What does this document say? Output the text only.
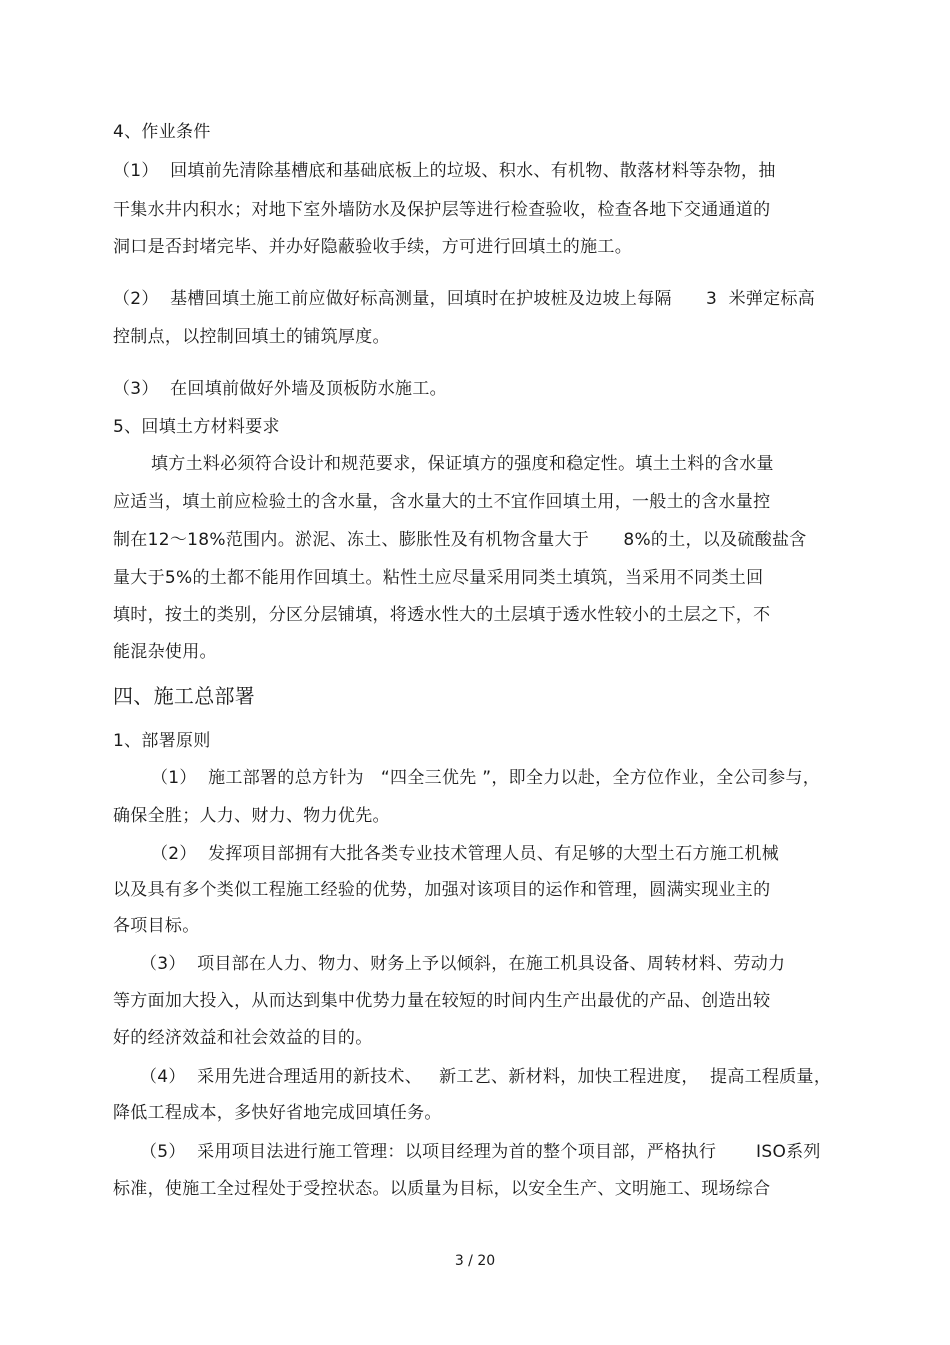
4、作业条件
（1）  回填前先清除基槽底和基础底板上的垃圾、积水、有机物、散落材料等杂物，抽
干集水井内积水；对地下室外墙防水及保护层等进行检查验收，检查各地下交通通道的
洞口是否封堵完毕、并办好隐蔽验收手续，方可进行回填土的施工。
（2）  基槽回填土施工前应做好标高测量，回填时在护坡桩及边坡上每隔      3  米弹定标高
控制点，以控制回填土的铺筑厚度。
（3）  在回填前做好外墙及顶板防水施工。
5、回填土方材料要求
填方土料必须符合设计和规范要求，保证填方的强度和稳定性。填土土料的含水量
应适当，填土前应检验土的含水量，含水量大的土不宜作回填土用，一般土的含水量控
制在12～18%范围内。淤泥、冻土、膨胀性及有机物含量大于      8%的土，以及硫酸盐含
量大于5%的土都不能用作回填土。粘性土应尽量采用同类土填筑，当采用不同类土回
填时，按土的类别，分区分层铺填，将透水性大的土层填于透水性较小的土层之下，不
能混杂使用。
四、施工总部署
1、部署原则
（1）  施工部署的总方针为   “四全三优先 ”，即全力以赴，全方位作业，全公司参与，
确保全胜；人力、财力、物力优先。
（2）  发挥项目部拥有大批各类专业技术管理人员、有足够的大型土石方施工机械
以及具有多个类似工程施工经验的优势，加强对该项目的运作和管理，圆满实现业主的
各项目标。
（3）  项目部在人力、物力、财务上予以倾斜，在施工机具设备、周转材料、劳动力
等方面加大投入，从而达到集中优势力量在较短的时间内生产出最优的产品、创造出较
好的经济效益和社会效益的目的。
（4）  采用先进合理适用的新技术、   新工艺、新材料，加快工程进度，  提高工程质量，
降低工程成本，多快好省地完成回填任务。
（5）  采用项目法进行施工管理：以项目经理为首的整个项目部，严格执行       ISO系列
标准，使施工全过程处于受控状态。以质量为目标，以安全生产、文明施工、现场综合
3 / 20
